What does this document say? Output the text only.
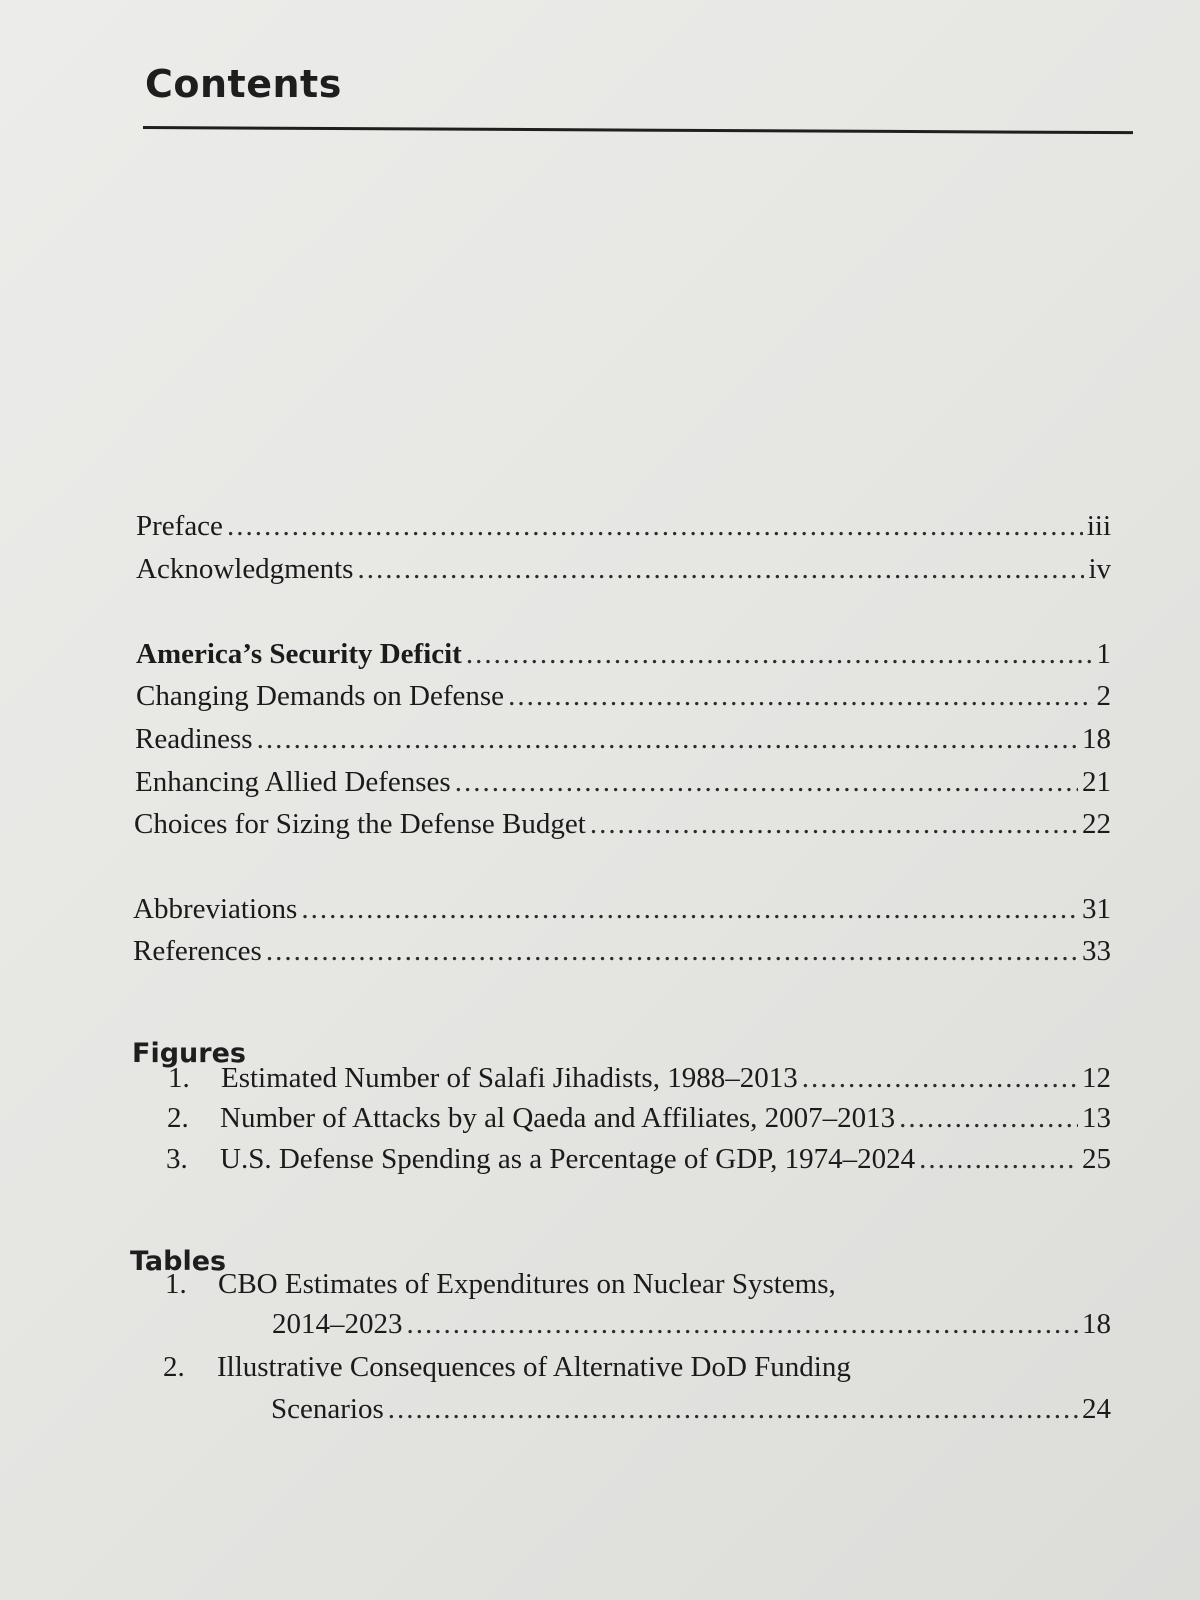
Contents
Preface .....	iii
Acknowledgments .....	iv
America’s Security Deficit .....	1
Changing Demands on Defense .....	2
Readiness .....	18
Enhancing Allied Defenses .....	21
Choices for Sizing the Defense Budget .....	22
Abbreviations .....	31
References .....	33
Figures
1. Estimated Number of Salafi Jihadists, 1988–2013 .....	12
2. Number of Attacks by al Qaeda and Affiliates, 2007–2013 .....	13
3. U.S. Defense Spending as a Percentage of GDP, 1974–2024 .....	25
Tables
1. CBO Estimates of Expenditures on Nuclear Systems,
2014–2023 .....	18
2. Illustrative Consequences of Alternative DoD Funding
Scenarios .....	24
